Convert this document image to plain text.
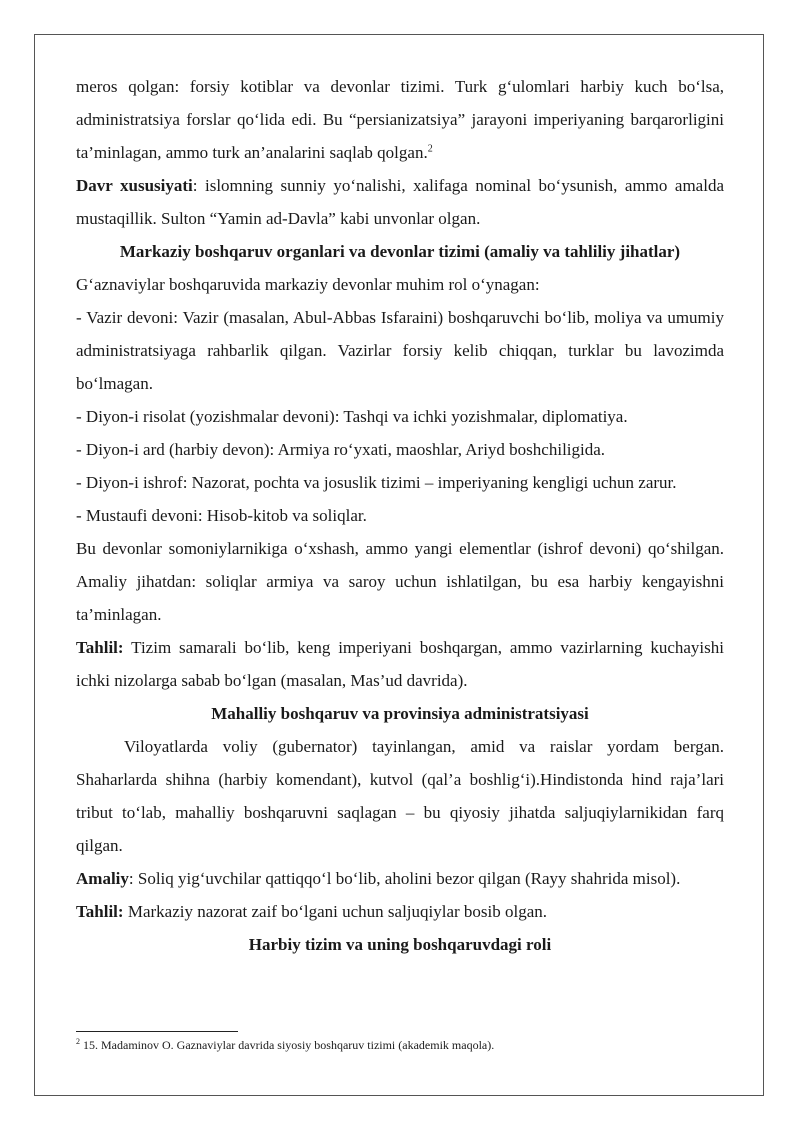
meros qolgan: forsiy kotiblar va devonlar tizimi. Turk g‘ulomlari harbiy kuch bo‘lsa, administratsiya forslar qo‘lida edi. Bu “persianizatsiya” jarayoni imperiyaning barqarorligini ta’minlagan, ammo turk an’analarini saqlab qolgan.$^2$

Davr xususiyati: islomning sunniy yo‘nalishi, xalifaga nominal bo‘ysunish, ammo amalda mustaqillik. Sulton “Yamin ad-Davla” kabi unvonlar olgan.

Markaziy boshqaruv organlari va devonlar tizimi (amaliy va tahliliy jihatlar)

G‘aznaviylar boshqaruvida markaziy devonlar muhim rol o‘ynagan:

- Vazir devoni: Vazir (masalan, Abul-Abbas Isfaraini) boshqaruvchi bo‘lib, moliya va umumiy administratsiyaga rahbarlik qilgan. Vazirlar forsiy kelib chiqqan, turklar bu lavozimda bo‘lmagan.

- Diyon-i risolat (yozishmalar devoni): Tashqi va ichki yozishmalar, diplomatiya.

- Diyon-i ard (harbiy devon): Armiya ro‘yxati, maoshlar, Ariyd boshchiligida.

- Diyon-i ishrof: Nazorat, pochta va josuslik tizimi – imperiyaning kengligi uchun zarur.

- Mustaufi devoni: Hisob-kitob va soliqlar.

Bu devonlar somoniylarnikiga o‘xshash, ammo yangi elementlar (ishrof devoni) qo‘shilgan. Amaliy jihatdan: soliqlar armiya va saroy uchun ishlatilgan, bu esa harbiy kengayishni ta’minlagan.

Tahlil: Tizim samarali bo‘lib, keng imperiyani boshqargan, ammo vazirlarning kuchayishi ichki nizolarga sabab bo‘lgan (masalan, Mas’ud davrida).

Mahalliy boshqaruv va provinsiya administratsiyasi

Viloyatlarda voliy (gubernator) tayinlangan, amid va raislar yordam bergan. Shaharlarda shihna (harbiy komendant), kutvol (qal’a boshlig‘i).Hindistonda hind raja’lari tribut to‘lab, mahalliy boshqaruvni saqlagan – bu qiyosiy jihatda saljuqiylarnikidan farq qilgan.

Amaliy: Soliq yig‘uvchilar qattiqqo‘l bo‘lib, aholini bezor qilgan (Rayy shahrida misol).

Tahlil: Markaziy nazorat zaif bo‘lgani uchun saljuqiylar bosib olgan.

Harbiy tizim va uning boshqaruvdagi roli
$^2$ 15. Madaminov O. Gaznaviylar davrida siyosiy boshqaruv tizimi (akademik maqola).
